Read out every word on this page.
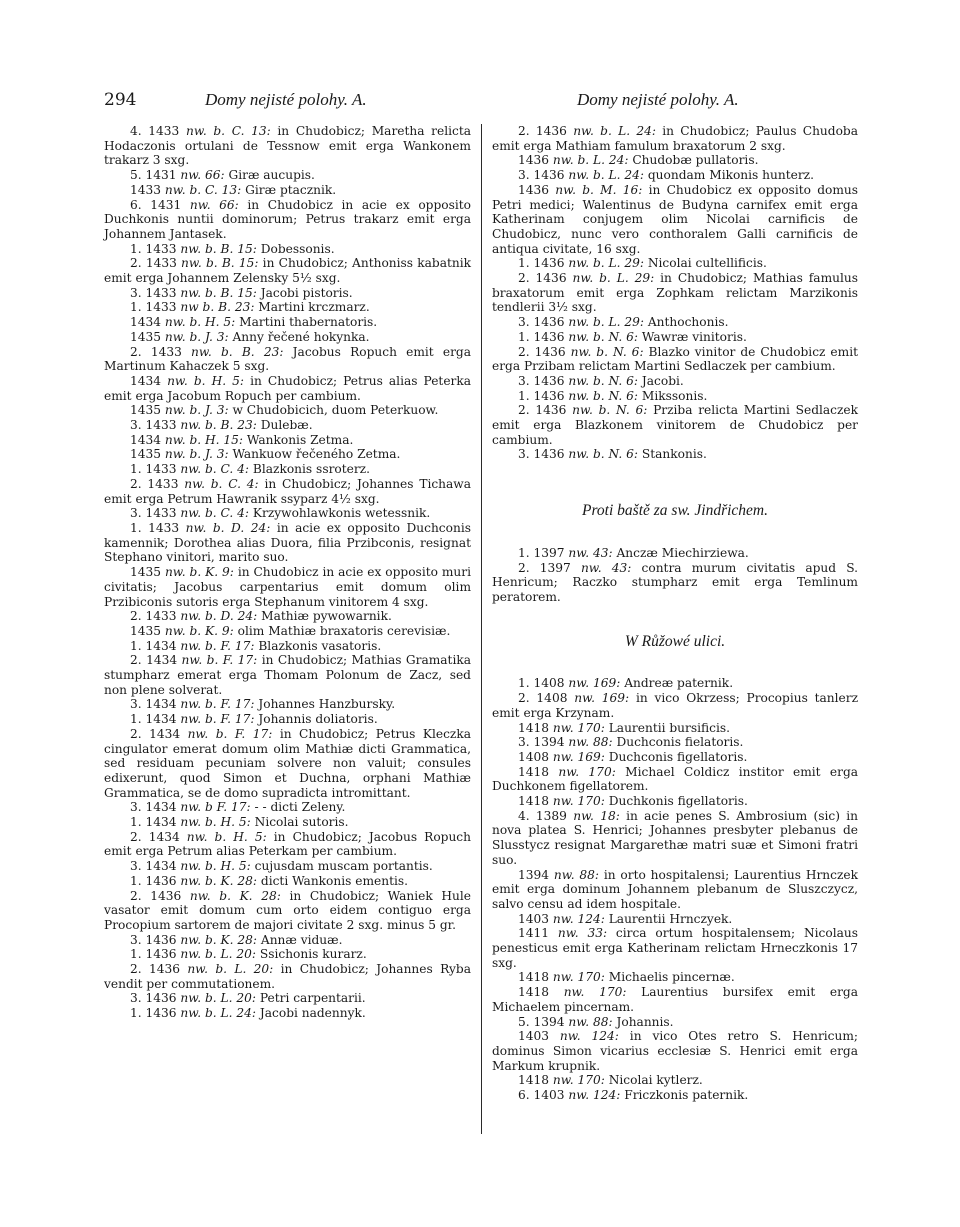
294	Domy nejisté polohy. A.	Domy nejisté polohy. A.

4. 1433 nw. b. C. 13: in Chudobicz; Maretha relicta Hodaczonis ortulani de Tessnow emit erga Wankonem trakarz 3 sxg.

5. 1431 nw. 66: Giræ aucupis.

1433 nw. b. C. 13: Giræ ptacznik.

6. 1431 nw. 66: in Chudobicz in acie ex opposito Duchkonis nuntii dominorum; Petrus trakarz emit erga Johannem Jantasek.

1. 1433 nw. b. B. 15: Dobessonis.

2. 1433 nw. b. B. 15: in Chudobicz; Anthoniss kabatnik emit erga Johannem Zelensky 5½ sxg.

3. 1433 nw. b. B. 15: Jacobi pistoris.

1. 1433 nw b. B. 23: Martini krczmarz.

1434 nw. b. H. 5: Martini thabernatoris.

1435 nw. b. J. 3: Anny řečené hokynka.

2. 1433 nw. b. B. 23: Jacobus Ropuch emit erga Martinum Kahaczek 5 sxg.

1434 nw. b. H. 5: in Chudobicz; Petrus alias Peterka emit erga Jacobum Ropuch per cambium.

1435 nw. b. J. 3: w Chudobicich, duom Peterkuow.

3. 1433 nw. b. B. 23: Dulebæ.

1434 nw. b. H. 15: Wankonis Zetma.

1435 nw. b. J. 3: Wankuow řečeného Zetma.

1. 1433 nw. b. C. 4: Blazkonis ssroterz.

2. 1433 nw. b. C. 4: in Chudobicz; Johannes Tichawa emit erga Petrum Hawranik ssyparz 4½ sxg.

3. 1433 nw. b. C. 4: Krzywohlawkonis wetessnik.

1. 1433 nw. b. D. 24: in acie ex opposito Duchconis kamennik; Dorothea alias Duora, filia Przibconis, resignat Stephano vinitori, marito suo.

1435 nw. b. K. 9: in Chudobicz in acie ex opposito muri civitatis; Jacobus carpentarius emit domum olim Przibiconis sutoris erga Stephanum vinitorem 4 sxg.

2. 1433 nw. b. D. 24: Mathiæ pywowarnik.

1435 nw. b. K. 9: olim Mathiæ braxatoris cerevisiæ.

1. 1434 nw. b. F. 17: Blazkonis vasatoris.

2. 1434 nw. b. F. 17: in Chudobicz; Mathias Gramatika stumpharz emerat erga Thomam Polonum de Zacz, sed non plene solverat.

3. 1434 nw. b. F. 17: Johannes Hanzbursky.

1. 1434 nw. b. F. 17: Johannis doliatoris.

2. 1434 nw. b. F. 17: in Chudobicz; Petrus Kleczka cingulator emerat domum olim Mathiæ dicti Grammatica, sed residuam pecuniam solvere non valuit; consules edixerunt, quod Simon et Duchna, orphani Mathiæ Grammatica, se de domo supradicta intromittant.

3. 1434 nw. b F. 17: - - dicti Zeleny.

1. 1434 nw. b. H. 5: Nicolai sutoris.

2. 1434 nw. b. H. 5: in Chudobicz; Jacobus Ropuch emit erga Petrum alias Peterkam per cambium.

3. 1434 nw. b. H. 5: cujusdam muscam portantis.

1. 1436 nw. b. K. 28: dicti Wankonis ementis.

2. 1436 nw. b. K. 28: in Chudobicz; Waniek Hule vasator emit domum cum orto eidem contiguo erga Procopium sartorem de majori civitate 2 sxg. minus 5 gr.

3. 1436 nw. b. K. 28: Annæ viduæ.

1. 1436 nw. b. L. 20: Ssichonis kurarz.

2. 1436 nw. b. L. 20: in Chudobicz; Johannes Ryba vendit per commutationem.

3. 1436 nw. b. L. 20: Petri carpentarii.

1. 1436 nw. b. L. 24: Jacobi nadennyk.

2. 1436 nw. b. L. 24: in Chudobicz; Paulus Chudoba emit erga Mathiam famulum braxatorum 2 sxg.

1436 nw. b. L. 24: Chudobæ pullatoris.

3. 1436 nw. b. L. 24: quondam Mikonis hunterz.

1436 nw. b. M. 16: in Chudobicz ex opposito domus Petri medici; Walentinus de Budyna carnifex emit erga Katherinam conjugem olim Nicolai carnificis de Chudobicz, nunc vero conthoralem Galli carnificis de antiqua civitate, 16 sxg.

1. 1436 nw. b. L. 29: Nicolai cultellificis.

2. 1436 nw. b. L. 29: in Chudobicz; Mathias famulus braxatorum emit erga Zophkam relictam Marzikonis tendlerii 3½ sxg.

3. 1436 nw. b. L. 29: Anthochonis.

1. 1436 nw. b. N. 6: Wawræ vinitoris.

2. 1436 nw. b. N. 6: Blazko vinitor de Chudobicz emit erga Przibam relictam Martini Sedlaczek per cambium.

3. 1436 nw. b. N. 6: Jacobi.

1. 1436 nw. b. N. 6: Mikssonis.

2. 1436 nw. b. N. 6: Prziba relicta Martini Sedlaczek emit erga Blazkonem vinitorem de Chudobicz per cambium.

3. 1436 nw. b. N. 6: Stankonis.

Proti baště za sw. Jindřichem.

1. 1397 nw. 43: Anczæ Miechirziewa.

2. 1397 nw. 43: contra murum civitatis apud S. Henricum; Raczko stumpharz emit erga Temlinum peratorem.

W Růžowé ulici.

1. 1408 nw. 169: Andreæ paternik.

2. 1408 nw. 169: in vico Okrzess; Procopius tanlerz emit erga Krzynam.

1418 nw. 170: Laurentii bursificis.

3. 1394 nw. 88: Duchconis fielatoris.

1408 nw. 169: Duchconis figellatoris.

1418 nw. 170: Michael Coldicz institor emit erga Duchkonem figellatorem.

1418 nw. 170: Duchkonis figellatoris.

4. 1389 nw. 18: in acie penes S. Ambrosium (sic) in nova platea S. Henrici; Johannes presbyter plebanus de Slusstycz resignat Margarethæ matri suæ et Simoni fratri suo.

1394 nw. 88: in orto hospitalensi; Laurentius Hrnczek emit erga dominum Johannem plebanum de Sluszczycz, salvo censu ad idem hospitale.

1403 nw. 124: Laurentii Hrnczyek.

1411 nw. 33: circa ortum hospitalensem; Nicolaus penesticus emit erga Katherinam relictam Hrneczkonis 17 sxg.

1418 nw. 170: Michaelis pincernæ.

1418 nw. 170: Laurentius bursifex emit erga Michaelem pincernam.

5. 1394 nw. 88: Johannis.

1403 nw. 124: in vico Otes retro S. Henricum; dominus Simon vicarius ecclesiæ S. Henrici emit erga Markum krupnik.

1418 nw. 170: Nicolai kytlerz.

6. 1403 nw. 124: Friczkonis paternik.
